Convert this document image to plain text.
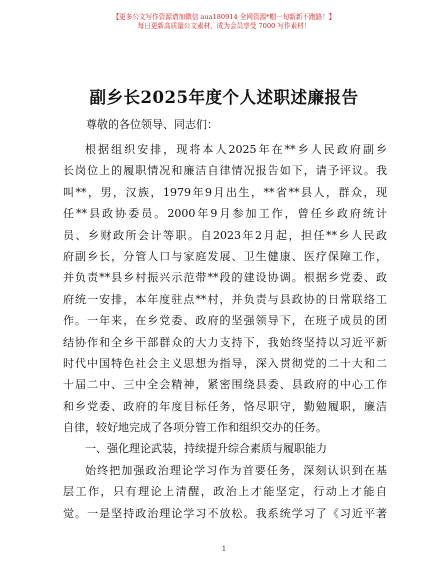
【更多公文写作资源请加微信 aua180914 全网资源*帽一旬新新不跑路！】
每日更新高质量公文素材，成为会员享受 7000 写作素材！
副乡长2025年度个人述职述廉报告
尊敬的各位领导、同志们：
根据组织安排，现将本人2025年在**乡人民政府副乡
长岗位上的履职情况和廉洁自律情况报告如下，请予评议。我
叫**，男，汉族，1979年9月出生，**省**县人，群众，现
任**县政协委员。2000年9月参加工作，曾任乡政府统计
员、乡财政所会计等职。自2023年2月起，担任**乡人民政
府副乡长，分管人口与家庭发展、卫生健康、医疗保障工作，
并负责**县乡村振兴示范带**段的建设协调。根据乡党委、政
府统一安排，本年度驻点**村，并负责与县政协的日常联络工
作。一年来，在乡党委、政府的坚强领导下，在班子成员的团
结协作和全乡干部群众的大力支持下，我始终坚持以习近平新
时代中国特色社会主义思想为指导，深入贯彻党的二十大和二
十届二中、三中全会精神，紧密围绕县委、县政府的中心工作
和乡党委、政府的年度目标任务，恪尽职守，勤勉履职，廉洁
自律，较好地完成了各项分管工作和组织交办的任务。
一、强化理论武装，持续提升综合素质与履职能力
始终把加强政治理论学习作为首要任务，深刻认识到在基
层工作，只有理论上清醒，政治上才能坚定，行动上才能自
觉。一是坚持政治理论学习不放松。我系统学习了《习近平著
1
